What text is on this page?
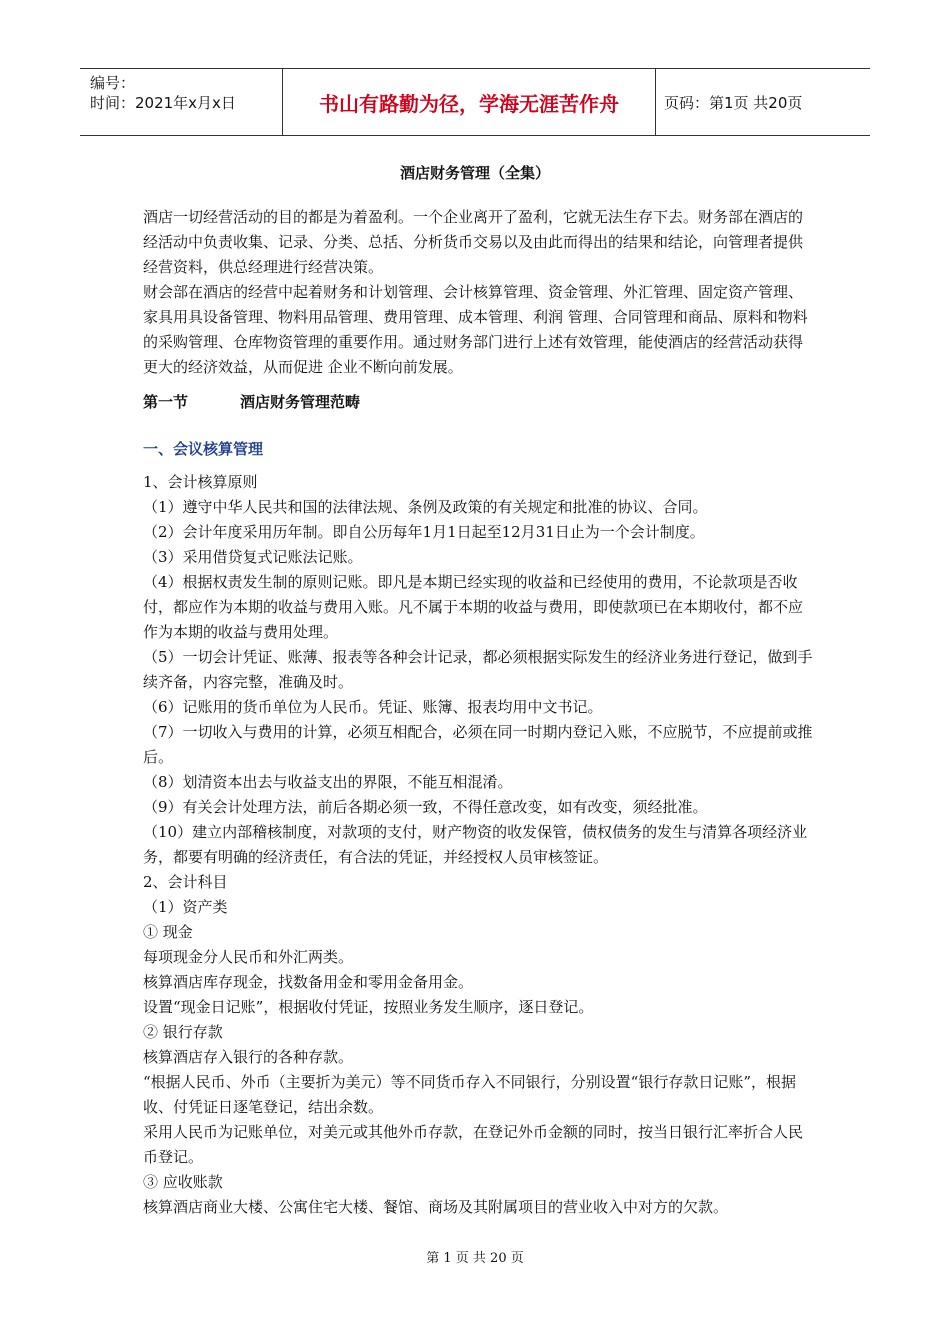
编号：
时间：2021年x月x日	书山有路勤为径，学海无涯苦作舟	页码：第1页 共20页
酒店财务管理（全集）

酒店一切经营活动的目的都是为着盈利。一个企业离开了盈利，它就无法生存下去。财务部在酒店的经活动中负责收集、记录、分类、总括、分析货币交易以及由此而得出的结果和结论，向管理者提供经营资料，供总经理进行经营决策。

财会部在酒店的经营中起着财务和计划管理、会计核算管理、资金管理、外汇管理、固定资产管理、家具用具设备管理、物料用品管理、费用管理、成本管理、利润 管理、合同管理和商品、原料和物料的采购管理、仓库物资管理的重要作用。通过财务部门进行上述有效管理，能使酒店的经营活动获得更大的经济效益，从而促进 企业不断向前发展。

第一节	酒店财务管理范畴
一、会议核算管理

1、会计核算原则

（1）遵守中华人民共和国的法律法规、条例及政策的有关规定和批准的协议、合同。

（2）会计年度采用历年制。即自公历每年1月1日起至12月31日止为一个会计制度。

（3）采用借贷复式记账法记账。

（4）根据权责发生制的原则记账。即凡是本期已经实现的收益和已经使用的费用，不论款项是否收付，都应作为本期的收益与费用入账。凡不属于本期的收益与费用，即使款项已在本期收付，都不应作为本期的收益与费用处理。

（5）一切会计凭证、账薄、报表等各种会计记录，都必须根据实际发生的经济业务进行登记，做到手续齐备，内容完整，准确及时。

（6）记账用的货币单位为人民币。凭证、账簿、报表均用中文书记。

（7）一切收入与费用的计算，必须互相配合，必须在同一时期内登记入账，不应脱节，不应提前或推后。

（8）划清资本出去与收益支出的界限，不能互相混淆。

（9）有关会计处理方法，前后各期必须一致，不得任意改变，如有改变，须经批准。

（10）建立内部稽核制度，对款项的支付，财产物资的收发保管，债权债务的发生与清算各项经济业务，都要有明确的经济责任，有合法的凭证，并经授权人员审核签证。

2、会计科目

（1）资产类

① 现金

每项现金分人民币和外汇两类。

核算酒店库存现金，找数备用金和零用金备用金。

设置“现金日记账”，根据收付凭证，按照业务发生顺序，逐日登记。

② 银行存款

核算酒店存入银行的各种存款。

“根据人民币、外币（主要折为美元）等不同货币存入不同银行，分别设置“银行存款日记账”，根据收、付凭证日逐笔登记，结出余数。

采用人民币为记账单位，对美元或其他外币存款，在登记外币金额的同时，按当日银行汇率折合人民币登记。

③ 应收账款

核算酒店商业大楼、公寓住宅大楼、餐馆、商场及其附属项目的营业收入中对方的欠款。

第 1 页 共 20 页
